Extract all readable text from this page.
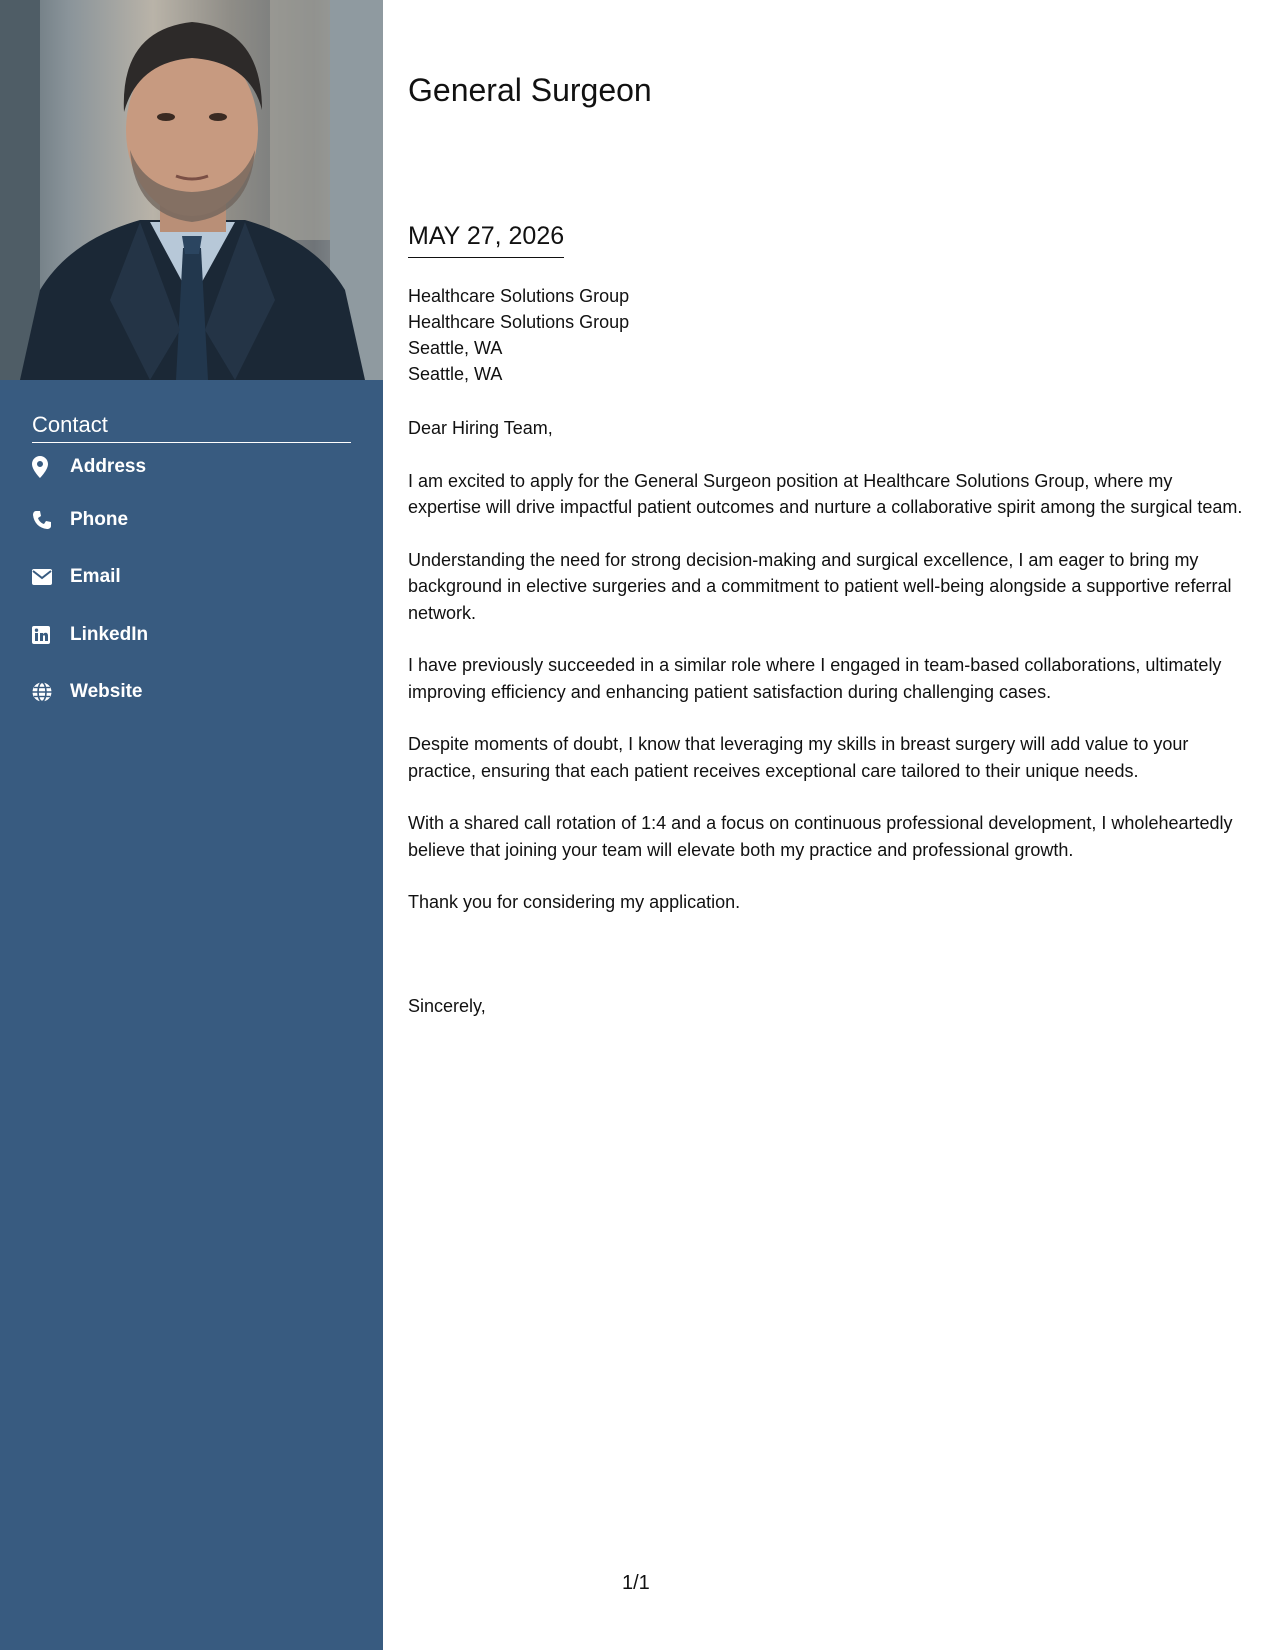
Contact
Address
Phone
Email
LinkedIn
Website
General Surgeon
MAY 27, 2026
Healthcare Solutions Group
Healthcare Solutions Group
Seattle, WA
Seattle, WA

Dear Hiring Team,

I am excited to apply for the General Surgeon position at Healthcare Solutions Group, where my expertise will drive impactful patient outcomes and nurture a collaborative spirit among the surgical team.

Understanding the need for strong decision-making and surgical excellence, I am eager to bring my background in elective surgeries and a commitment to patient well-being alongside a supportive referral network.

I have previously succeeded in a similar role where I engaged in team-based collaborations, ultimately improving efficiency and enhancing patient satisfaction during challenging cases.

Despite moments of doubt, I know that leveraging my skills in breast surgery will add value to your practice, ensuring that each patient receives exceptional care tailored to their unique needs.

With a shared call rotation of 1:4 and a focus on continuous professional development, I wholeheartedly believe that joining your team will elevate both my practice and professional growth.

Thank you for considering my application.

Sincerely,
1/1
